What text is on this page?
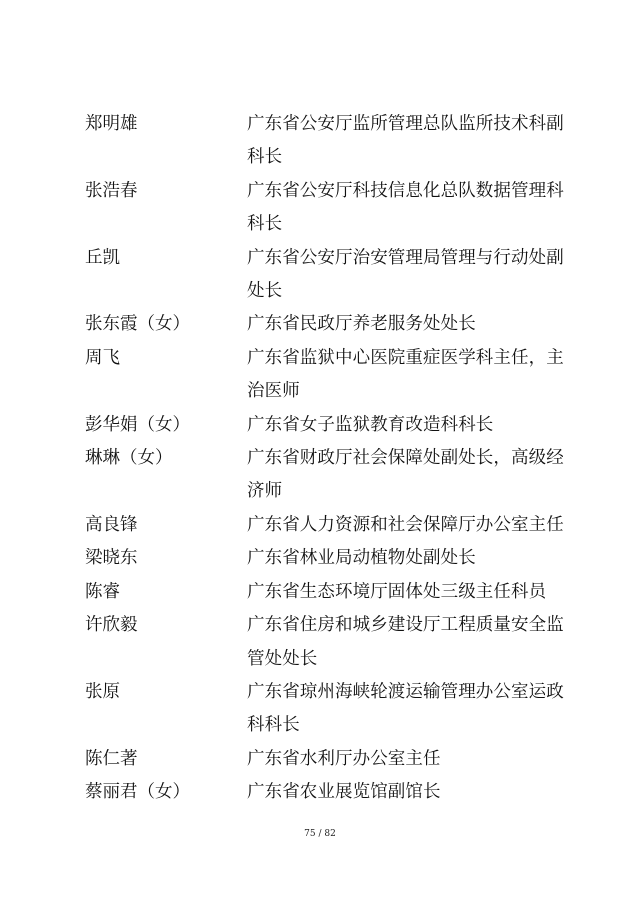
郑明雄	广东省公安厅监所管理总队监所技术科副科长
张浩春	广东省公安厅科技信息化总队数据管理科科长
丘凯	广东省公安厅治安管理局管理与行动处副处长
张东霞（女）	广东省民政厅养老服务处处长
周飞	广东省监狱中心医院重症医学科主任，主治医师
彭华娟（女）	广东省女子监狱教育改造科科长
琳琳（女）	广东省财政厅社会保障处副处长，高级经济师
高良锋	广东省人力资源和社会保障厅办公室主任
梁晓东	广东省林业局动植物处副处长
陈睿	广东省生态环境厅固体处三级主任科员
许欣毅	广东省住房和城乡建设厅工程质量安全监管处处长
张原	广东省琼州海峡轮渡运输管理办公室运政科科长
陈仁著	广东省水利厅办公室主任
蔡丽君（女）	广东省农业展览馆副馆长
75 / 82
